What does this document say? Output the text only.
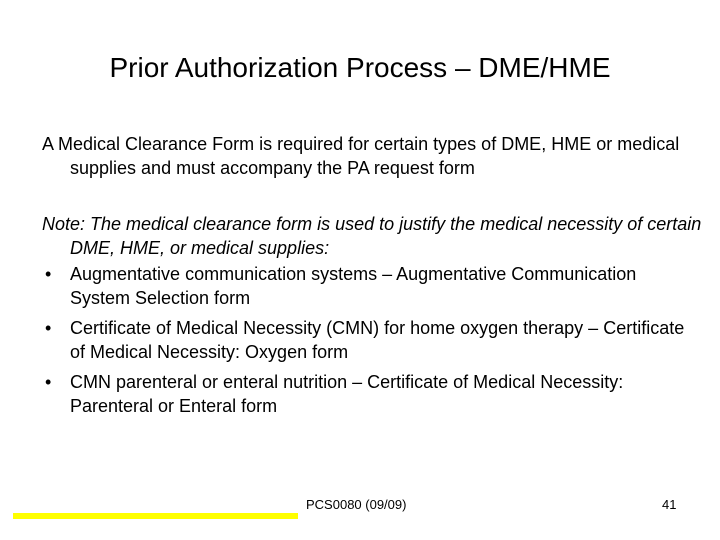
Prior Authorization Process – DME/HME
A Medical Clearance Form is required for certain types of DME, HME or medical supplies and must accompany the PA request form
Note: The medical clearance form is used to justify the medical necessity of certain DME, HME, or medical supplies:
• Augmentative communication systems – Augmentative Communication System Selection form
• Certificate of Medical Necessity (CMN) for home oxygen therapy – Certificate of Medical Necessity: Oxygen form
• CMN parenteral or enteral nutrition – Certificate of Medical Necessity: Parenteral or Enteral form
PCS0080 (09/09)	41
